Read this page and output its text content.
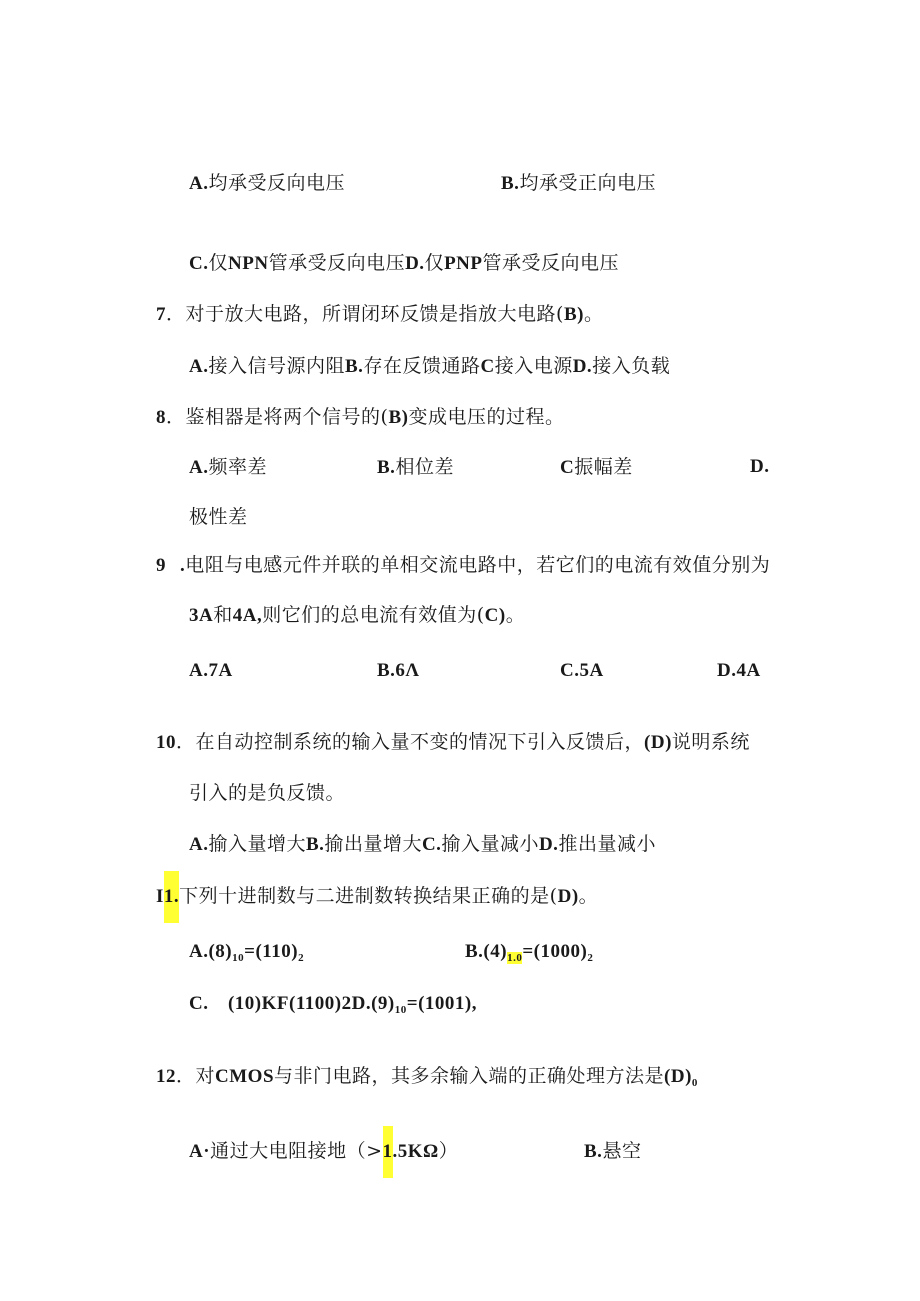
A.均承受反向电压	B.均承受正向电压
C.仅NPN管承受反向电压D.仅PNP管承受反向电压
7．对于放大电路，所谓闭环反馈是指放大电路(B)。
A.接入信号源内阻B.存在反馈通路C接入电源D.接入负载
8．鉴相器是将两个信号的(B)变成电压的过程。
A.频率差	B.相位差	C振幅差	D.
极性差
9 .电阻与电感元件并联的单相交流电路中，若它们的电流有效值分别为
3A和4A,则它们的总电流有效值为(C)。
A.7A	B.6Λ	C.5A	D.4A
10．在自动控制系统的输入量不变的情况下引入反馈后，(D)说明系统
引入的是负反馈。
A.揄入量增大B.揄出量增大C.揄入量减小D.推出量减小
I1.下列十进制数与二进制数转换结果正确的是(D)。
$A.(8)_{10}=(110)_2$	$B.(4)_{1.0}=(1000)_2$
C.　$(10)KF(1100)2D.(9)_{10}=(1001)$,
12．对CMOS与非门电路，其多余输入端的正确处理方法是$(D)_0$
A·通过大电阻接地（>1.5KΩ）	B.悬空
